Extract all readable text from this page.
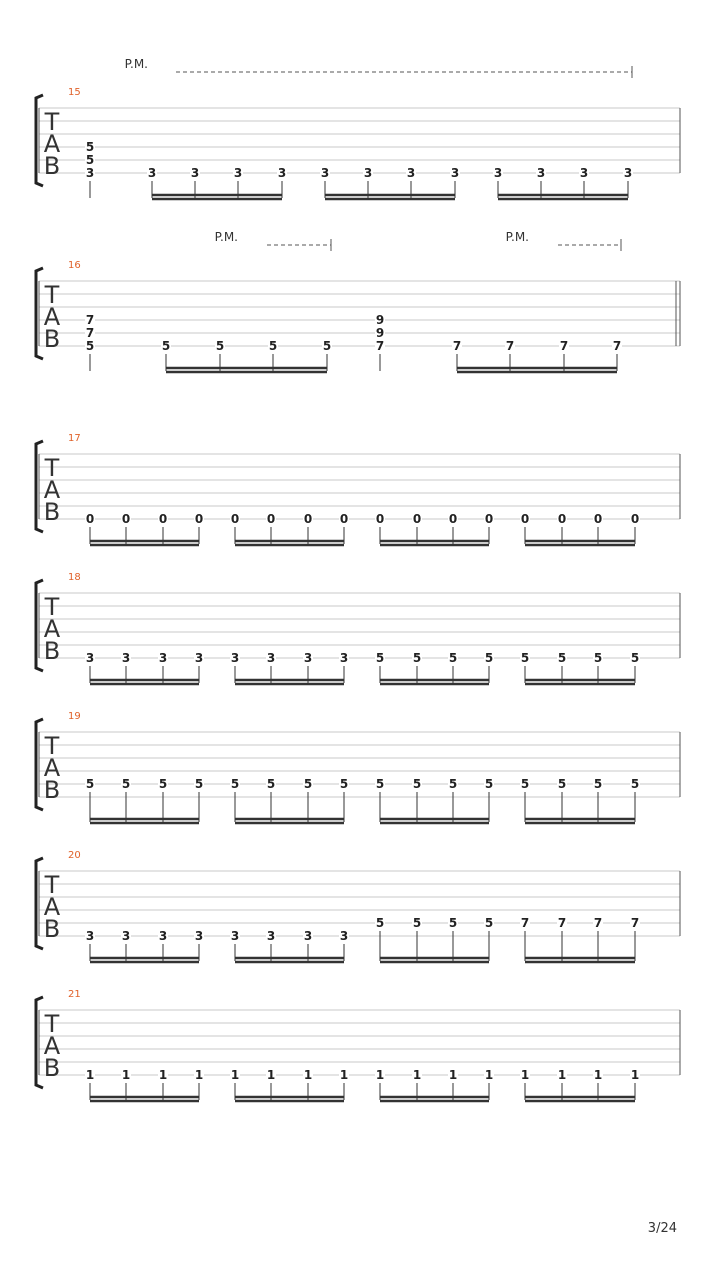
T
A
B
15
P.M.
5
5
3	3	3	3	3	3	3	3	3	3	3	3	3
T
A
B
16
P.M.	P.M.
7
7
5	5	5	5	5
9
9
7	7	7	7	7
T
A
B
17
0 0 0 0 0 0 0 0 0 0 0 0 0 0 0 0
T
A
B
18
3 3 3 3 3 3 3 3 5 5 5 5 5 5 5 5
T
A
B
19
5 5 5 5 5 5 5 5 5 5 5 5 5 5 5 5
T
A
B
20
3 3 3 3 3 3 3 3
5 5 5 5 7 7 7 7
T
A
B
21
1 1 1 1 1 1 1 1 1 1 1 1 1 1 1 1
3/24
